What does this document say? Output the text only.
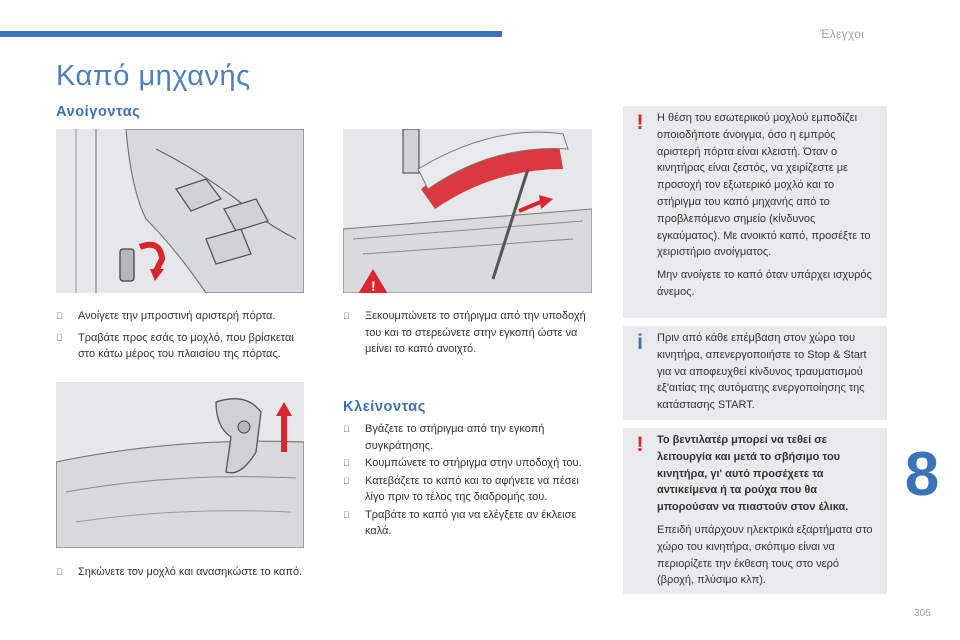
Έλεγχοι
Καπό μηχανής
Ανοίγοντας
!
Ανοίγετε την μπροστινή αριστερή πόρτα.
Τραβάτε προς εσάς το μοχλό, που βρίσκεται στο κάτω μέρος του πλαισίου της πόρτας.
Ξεκουμπώνετε το στήριγμα από την υποδοχή του και το στερεώνετε στην εγκοπή ώστε να μείνει το καπό ανοιχτό.
Σηκώνετε τον μοχλό και ανασηκώστε το καπό.
Κλείνοντας
Βγάζετε το στήριγμα από την εγκοπή συγκράτησης.
Κουμπώνετε το στήριγμα στην υποδοχή του.
Κατεβάζετε το καπό και το αφήνετε να πέσει λίγο πριν το τέλος της διαδρομής του.
Τραβάτε το καπό για να ελέγξετε αν έκλεισε καλά.
!	Η θέση του εσωτερικού μοχλού εμποδίζει οποιοδήποτε άνοιγμα, όσο η εμπρός αριστερή πόρτα είναι κλειστή. Όταν ο κινητήρας είναι ζεστός, να χειρίζεστε με προσοχή τον εξωτερικό μοχλό και το στήριγμα του καπό μηχανής από το προβλεπόμενο σημείο (κίνδυνος εγκαύματος). Με ανοικτό καπό, προσέξτε το χειριστήριο ανοίγματος.

Μην ανοίγετε το καπό όταν υπάρχει ισχυρός άνεμος.

i	Πριν από κάθε επέμβαση στον χώρο του κινητήρα, απενεργοποιήστε το Stop & Start για να αποφευχθεί κίνδυνος τραυματισμού εξ'αιτίας της αυτόματης ενεργοποίησης της κατάστασης START.

!	Το βεντιλατέρ μπορεί να τεθεί σε λειτουργία και μετά το σβήσιμο του κινητήρα, γι' αυτό προσέχετε τα αντικείμενα ή τα ρούχα που θα μπορούσαν να πιαστούν στον έλικα.

Επειδή υπάρχουν ηλεκτρικά εξαρτήματα στο χώρο του κινητήρα, σκόπιμο είναι να περιορίζετε την έκθεση τους στο νερό (βροχή, πλύσιμο κλπ).

8
305
